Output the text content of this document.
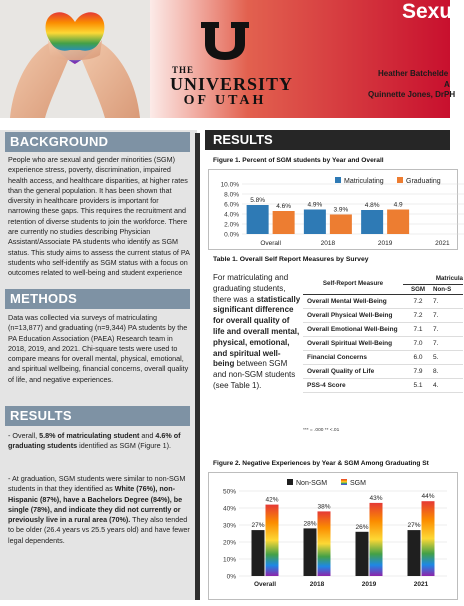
THE
UNIVERSITY
OF UTAH
Sexua
Heather Batchelde
A
Quinnette Jones, DrPH
BACKGROUND
People who are sexual and gender minorities (SGM) experience stress, poverty, discrimination, impaired health access, and healthcare disparities, at higher rates than the general population. It has been shown that diversity in healthcare providers is important for narrowing these gaps. This requires the recruitment and retention of diverse students to join the workforce. There are currently no studies describing Physician Assistant/Associate PA students who identify as SGM status. This study aims to assess the current status of PA students who self-identify as SGM status with a focus on outcomes related to well-being and student experience
METHODS
Data was collected via surveys of matriculating (n=13,877) and graduating (n=9,344) PA students by the PA Education Association (PAEA) Research team in 2018, 2019, and 2021. Chi-square tests were used to compare means for overall mental, physical, emotional, and spiritual wellbeing, financial concerns, overall quality of life, and negative experiences.
RESULTS
- Overall, 5.8% of matriculating student and 4.6% of graduating students identified as SGM (Figure 1).
- At graduation, SGM students were similar to non-SGM students in that they identified as White (76%), non-Hispanic (87%), have a Bachelors Degree (84%), be single (78%), and indicate they did not currently or previously live in a rural area (70%). They also tended to be older (26.4 years vs 25.5 years old) and have fewer legal dependents.
RESULTS
Figure 1. Percent of SGM students by Year and Overall
0.0%
2.0%
4.0%
6.0%
8.0%
10.0%
Overall
5.8%
4.6%
2018
4.9%
3.9%
2019
4.8% 4.9
2021
Matriculating	Graduating
Table 1. Overall Self Report Measures by Survey
For matriculating and graduating students, there was a statistically significant difference for overall quality of life and overall mental, physical, emotional, and spiritual well-being between SGM and non-SGM students (see Table 1).
Self-Report Measure	Matricula	
	SGM	Non-S
Overall Mental Well-Being	7.2	7.
Overall Physical Well-Being	7.2	7.
Overall Emotional Well-Being	7.1	7.
Overall Spiritual Well-Being	7.0	7.
Financial Concerns	6.0	5.
Overall Quality of Life	7.9	8.
PSS-4 Score	5.1	4.
*** = .000 ** <.01
Figure 2. Negative Experiences by Year & SGM Among Graduating St
0%
10%
20%
30%
40%
50%
Overall
27%
42%
2018
28%
38%
2019
26%
43%
2021
27%
44%
Non-SGM	SGM
